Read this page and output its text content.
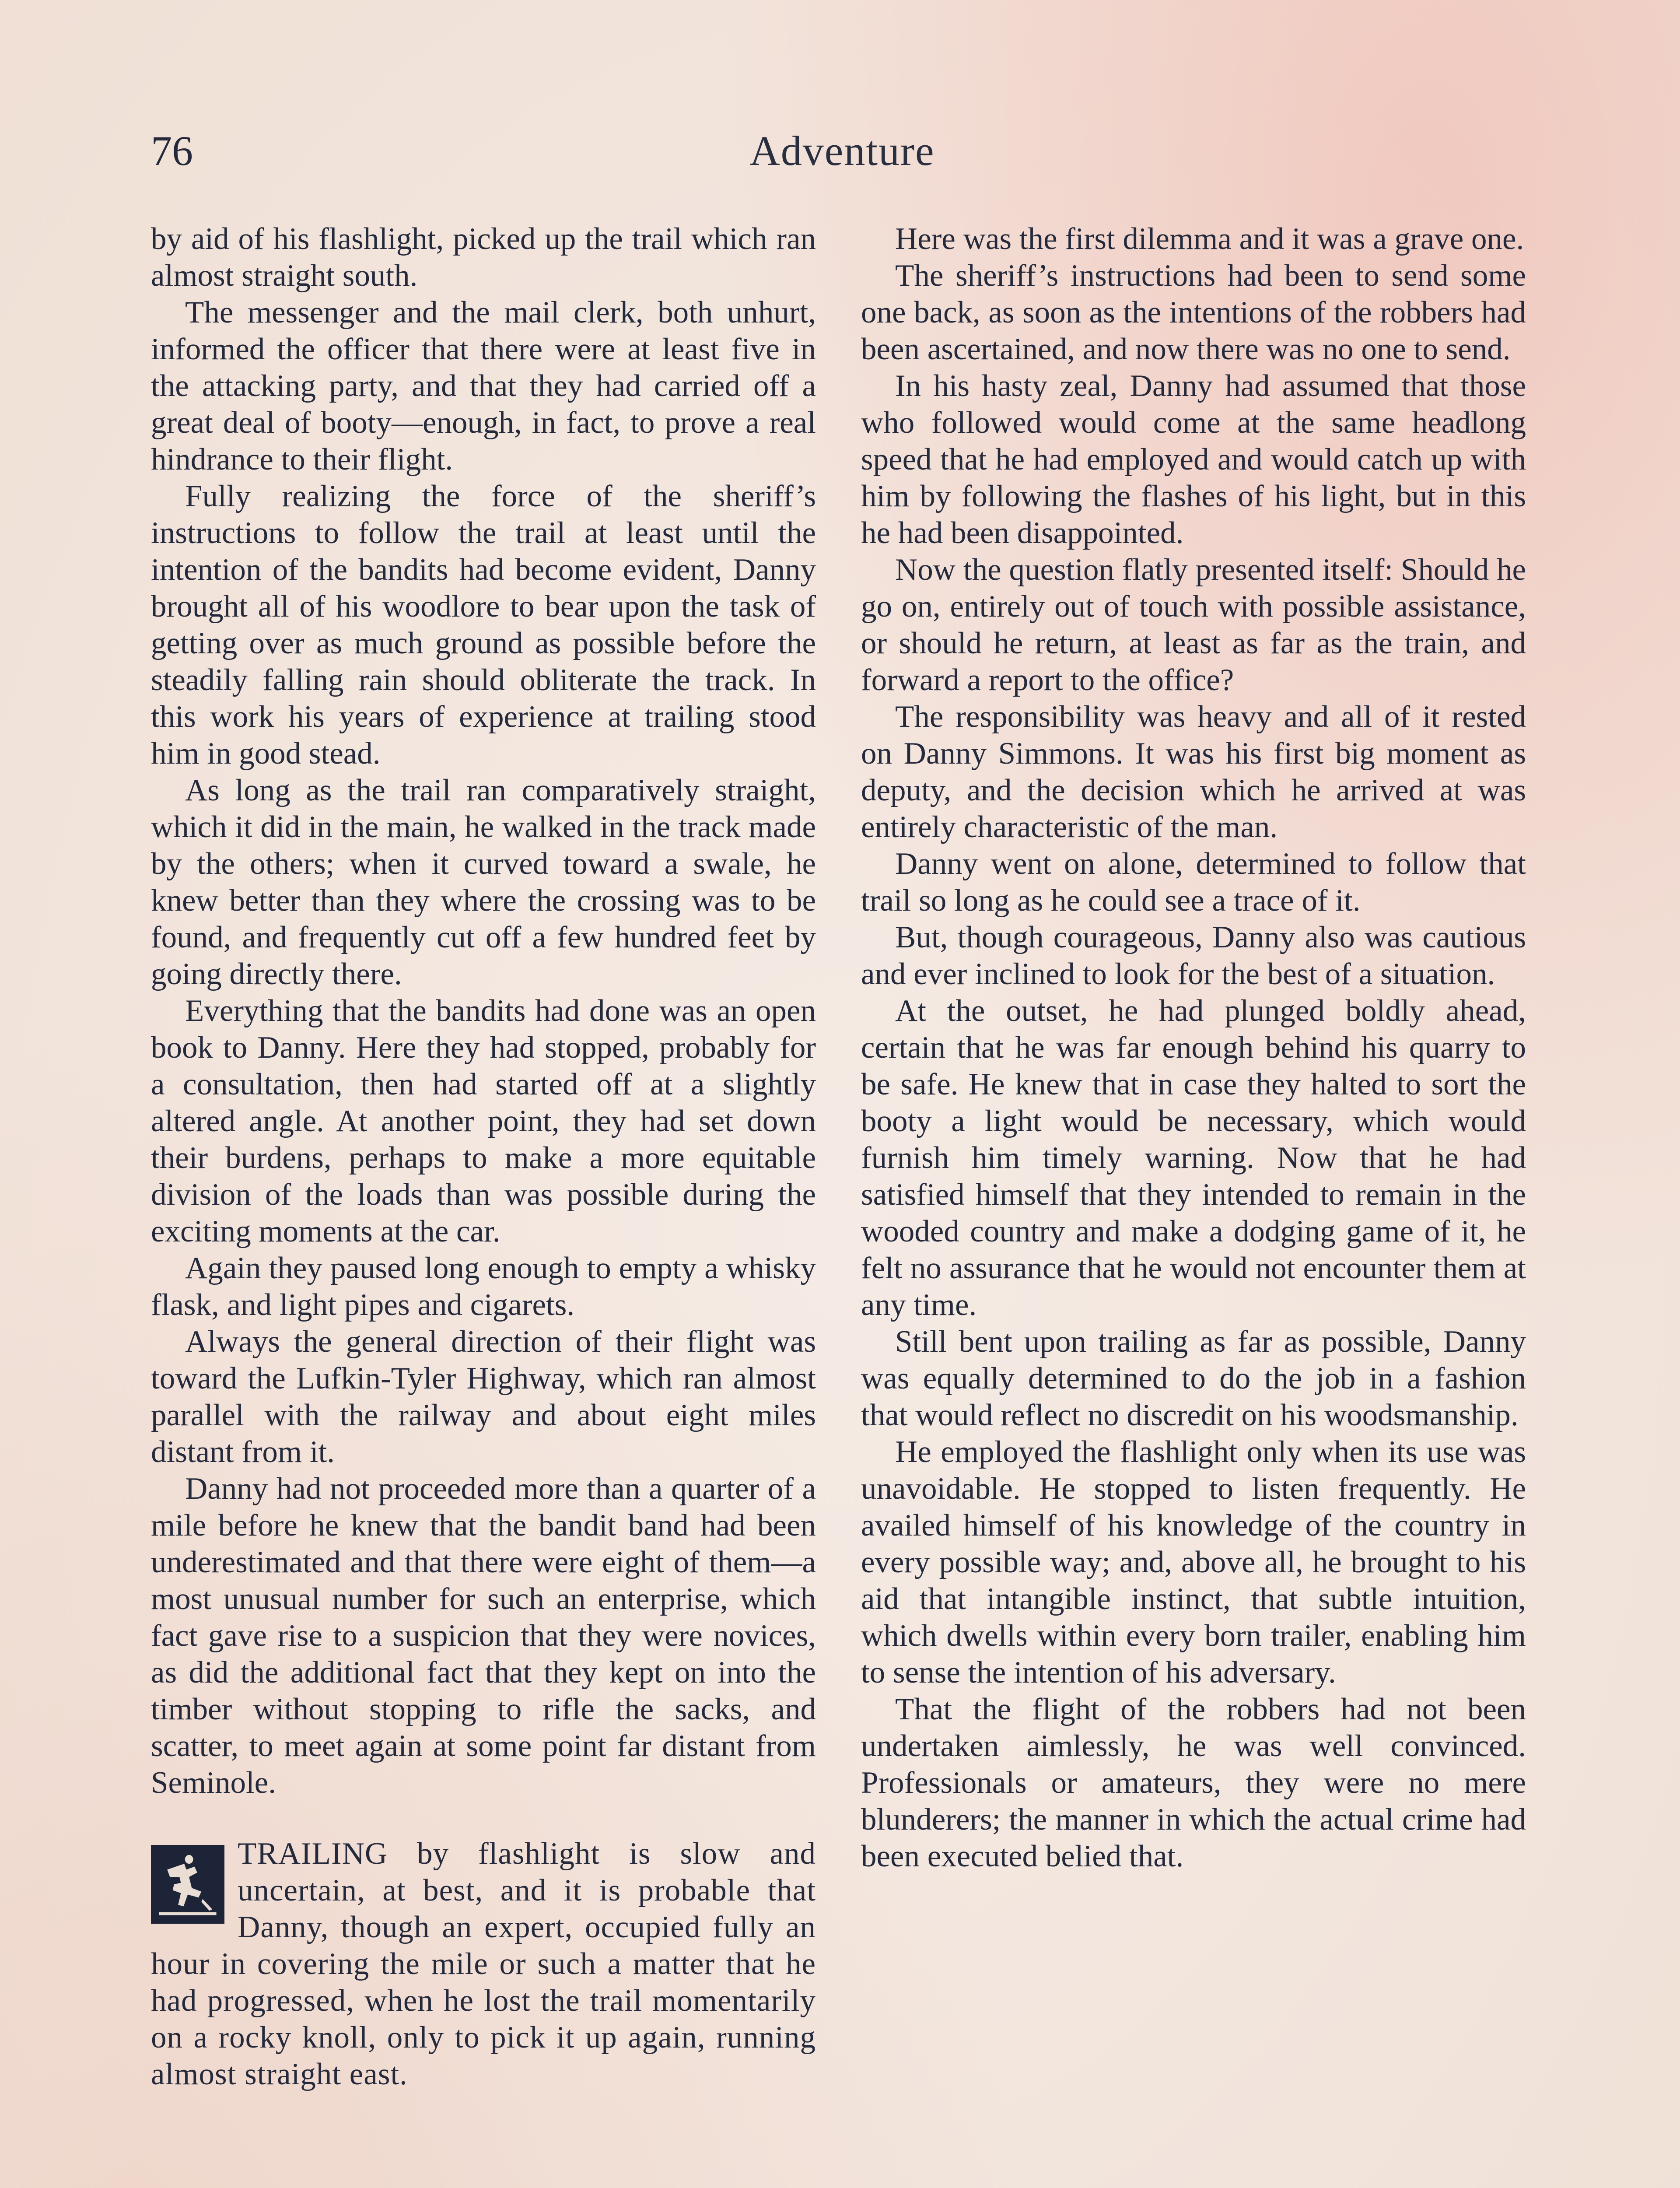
76	Adventure

by aid of his flashlight, picked up the trail which ran almost straight south.

The messenger and the mail clerk, both unhurt, informed the officer that there were at least five in the attacking party, and that they had carried off a great deal of booty—enough, in fact, to prove a real hindrance to their flight.

Fully realizing the force of the sheriff’s instructions to follow the trail at least until the intention of the bandits had become evident, Danny brought all of his woodlore to bear upon the task of getting over as much ground as possible before the steadily falling rain should obliterate the track. In this work his years of experience at trailing stood him in good stead.

As long as the trail ran comparatively straight, which it did in the main, he walked in the track made by the others; when it curved toward a swale, he knew better than they where the crossing was to be found, and frequently cut off a few hundred feet by going directly there.

Everything that the bandits had done was an open book to Danny. Here they had stopped, probably for a consultation, then had started off at a slightly altered angle. At another point, they had set down their burdens, perhaps to make a more equitable division of the loads than was possible during the exciting moments at the car.

Again they paused long enough to empty a whisky flask, and light pipes and cigarets.

Always the general direction of their flight was toward the Lufkin-Tyler Highway, which ran almost parallel with the railway and about eight miles distant from it.

Danny had not proceeded more than a quarter of a mile before he knew that the bandit band had been underestimated and that there were eight of them—a most unusual number for such an enterprise, which fact gave rise to a suspicion that they were novices, as did the additional fact that they kept on into the timber without stopping to rifle the sacks, and scatter, to meet again at some point far distant from Seminole.

TRAILING by flashlight is slow and uncertain, at best, and it is probable that Danny, though an expert, occupied fully an hour in covering the mile or such a matter that he had progressed, when he lost the trail momentarily on a rocky knoll, only to pick it up again, running almost straight east.

Here was the first dilemma and it was a grave one.

The sheriff’s instructions had been to send some one back, as soon as the intentions of the robbers had been ascertained, and now there was no one to send.

In his hasty zeal, Danny had assumed that those who followed would come at the same headlong speed that he had employed and would catch up with him by following the flashes of his light, but in this he had been disappointed.

Now the question flatly presented itself: Should he go on, entirely out of touch with possible assistance, or should he return, at least as far as the train, and forward a report to the office?

The responsibility was heavy and all of it rested on Danny Simmons. It was his first big moment as deputy, and the decision which he arrived at was entirely characteristic of the man.

Danny went on alone, determined to follow that trail so long as he could see a trace of it.

But, though courageous, Danny also was cautious and ever inclined to look for the best of a situation.

At the outset, he had plunged boldly ahead, certain that he was far enough behind his quarry to be safe. He knew that in case they halted to sort the booty a light would be necessary, which would furnish him timely warning. Now that he had satisfied himself that they intended to remain in the wooded country and make a dodging game of it, he felt no assurance that he would not encounter them at any time.

Still bent upon trailing as far as possible, Danny was equally determined to do the job in a fashion that would reflect no discredit on his woodsmanship.

He employed the flashlight only when its use was unavoidable. He stopped to listen frequently. He availed himself of his knowledge of the country in every possible way; and, above all, he brought to his aid that intangible instinct, that subtle intuition, which dwells within every born trailer, enabling him to sense the intention of his adversary.

That the flight of the robbers had not been undertaken aimlessly, he was well convinced. Professionals or amateurs, they were no mere blunderers; the manner in which the actual crime had been executed belied that.
